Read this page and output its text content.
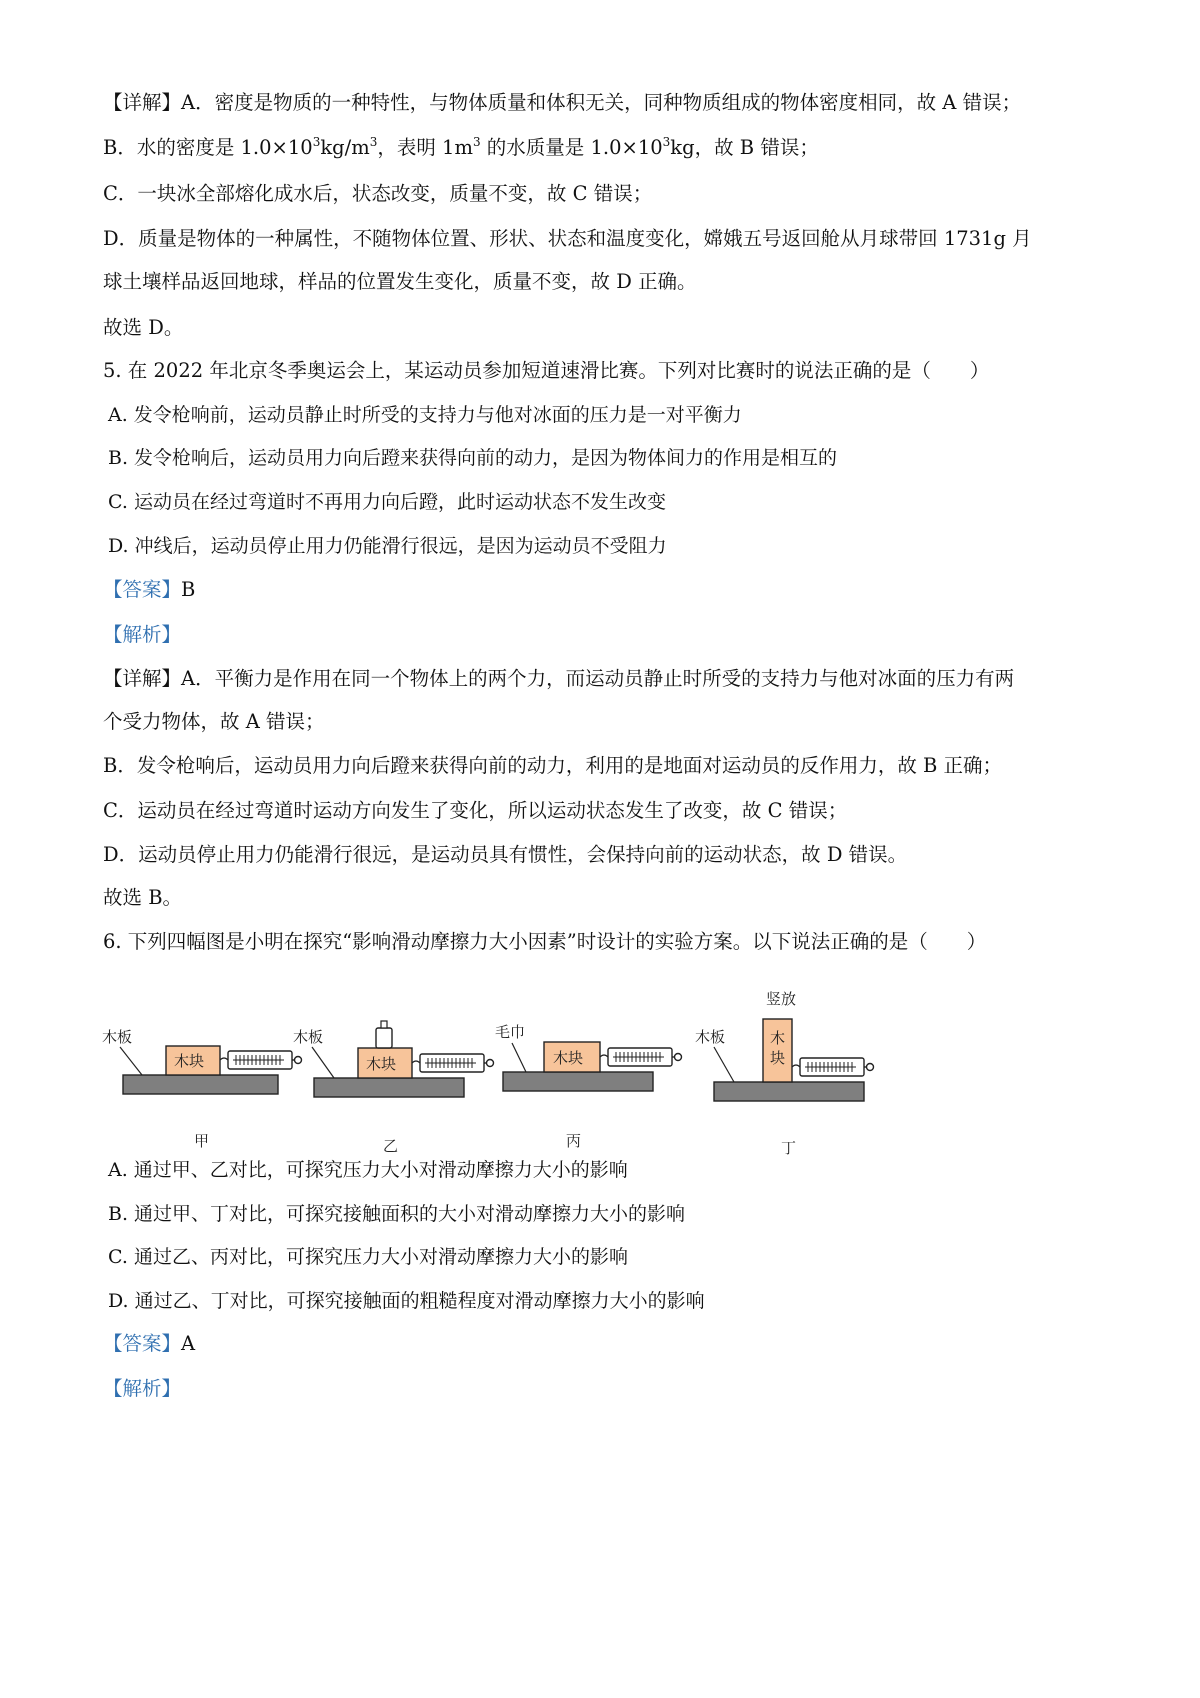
【详解】A．密度是物质的一种特性，与物体质量和体积无关，同种物质组成的物体密度相同，故 A 错误；
B．水的密度是 $1.0\times 10^3kg/m^3$，表明 $1m^3$ 的水质量是 $1.0\times 10^3kg$，故 B 错误；
C．一块冰全部熔化成水后，状态改变，质量不变，故 C 错误；
D．质量是物体的一种属性，不随物体位置、形状、状态和温度变化，嫦娥五号返回舱从月球带回 1731g 月
球土壤样品返回地球，样品的位置发生变化，质量不变，故 D 正确。
故选 D。
5. 在 2022 年北京冬季奥运会上，某运动员参加短道速滑比赛。下列对比赛时的说法正确的是（　　）
A. 发令枪响前，运动员静止时所受的支持力与他对冰面的压力是一对平衡力
B. 发令枪响后，运动员用力向后蹬来获得向前的动力，是因为物体间力的作用是相互的
C. 运动员在经过弯道时不再用力向后蹬，此时运动状态不发生改变
D. 冲线后，运动员停止用力仍能滑行很远，是因为运动员不受阻力
【答案】B
【解析】
【详解】A．平衡力是作用在同一个物体上的两个力，而运动员静止时所受的支持力与他对冰面的压力有两
个受力物体，故 A 错误；
B．发令枪响后，运动员用力向后蹬来获得向前的动力，利用的是地面对运动员的反作用力，故 B 正确；
C．运动员在经过弯道时运动方向发生了变化，所以运动状态发生了改变，故 C 错误；
D．运动员停止用力仍能滑行很远，是运动员具有惯性，会保持向前的运动状态，故 D 错误。
故选 B。
6. 下列四幅图是小明在探究“影响滑动摩擦力大小因素”时设计的实验方案。以下说法正确的是（　　）
木板
木块
甲
木板
木块
乙
毛巾
木块
丙
竖放
木板	木
块
丁
A. 通过甲、乙对比，可探究压力大小对滑动摩擦力大小的影响
B. 通过甲、丁对比，可探究接触面积的大小对滑动摩擦力大小的影响
C. 通过乙、丙对比，可探究压力大小对滑动摩擦力大小的影响
D. 通过乙、丁对比，可探究接触面的粗糙程度对滑动摩擦力大小的影响
【答案】A
【解析】
